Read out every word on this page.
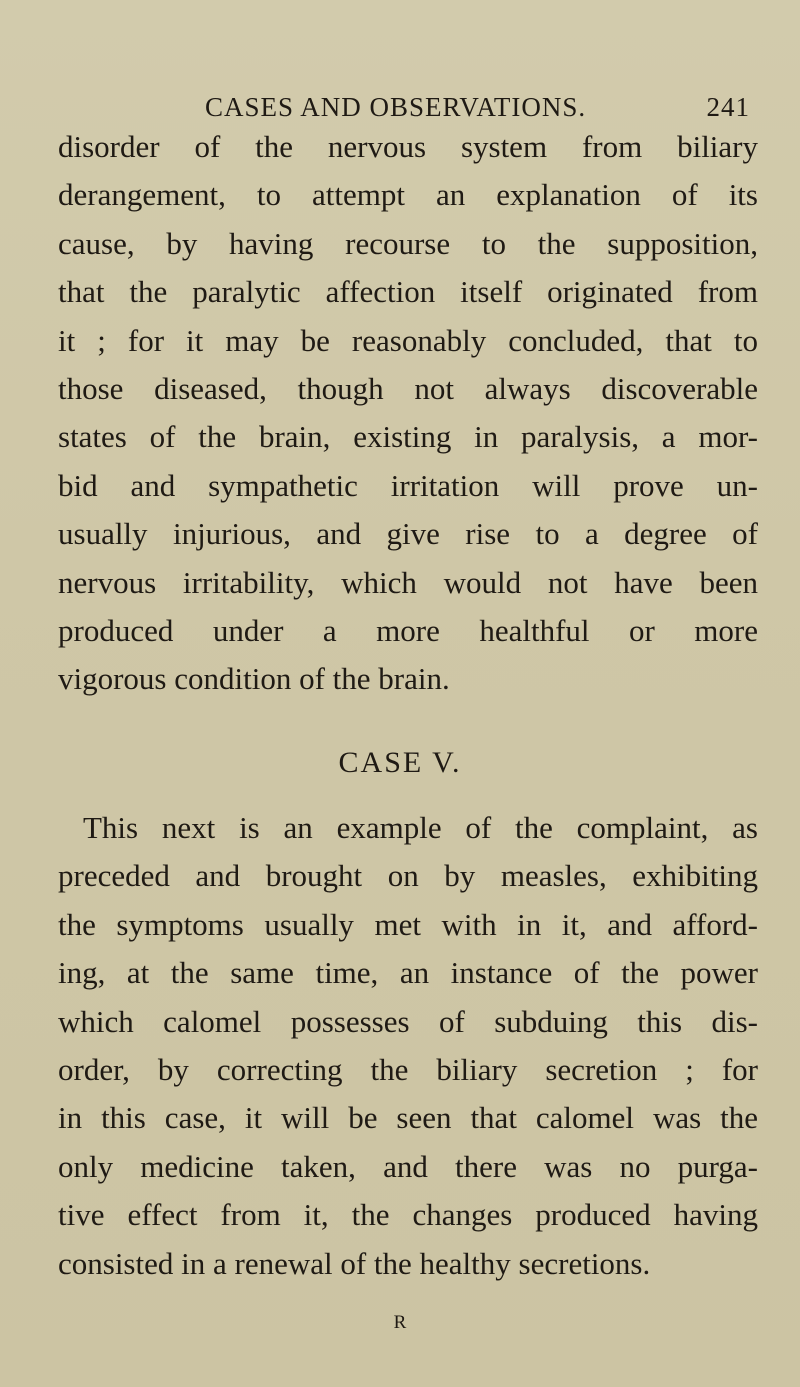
CASES AND OBSERVATIONS.	241

disorder of the nervous system from biliary
derangement, to attempt an explanation of its
cause, by having recourse to the supposition,
that the paralytic affection itself originated from
it ; for it may be reasonably concluded, that to
those diseased, though not always discoverable
states of the brain, existing in paralysis, a mor-
bid and sympathetic irritation will prove un-
usually injurious, and give rise to a degree of
nervous irritability, which would not have been
produced under a more healthful or more
vigorous condition of the brain.

CASE V.

This next is an example of the complaint, as
preceded and brought on by measles, exhibiting
the symptoms usually met with in it, and afford-
ing, at the same time, an instance of the power
which calomel possesses of subduing this dis-
order, by correcting the biliary secretion ; for
in this case, it will be seen that calomel was the
only medicine taken, and there was no purga-
tive effect from it, the changes produced having
consisted in a renewal of the healthy secretions.

R
